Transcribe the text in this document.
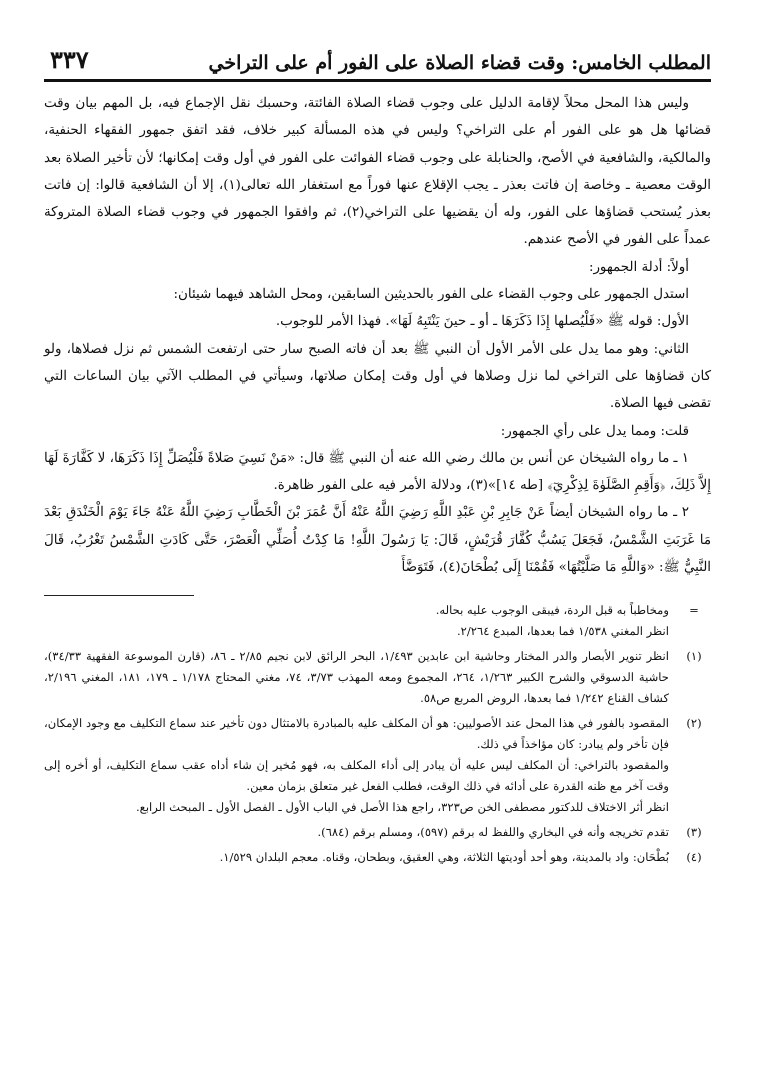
المطلب الخامس: وقت قضاء الصلاة على الفور أم على التراخي
٣٣٧

وليس هذا المحل محلاً لإقامة الدليل على وجوب قضاء الصلاة الفائتة، وحسبك نقل الإجماع فيه، بل المهم بيان وقت قضائها هل هو على الفور أم على التراخي؟ وليس في هذه المسألة كبير خلاف، فقد اتفق جمهور الفقهاء الحنفية، والمالكية، والشافعية في الأصح، والحنابلة على وجوب قضاء الفوائت على الفور في أول وقت إمكانها؛ لأن تأخير الصلاة بعد الوقت معصية ـ وخاصة إن فاتت بعذر ـ يجب الإقلاع عنها فوراً مع استغفار الله تعالى(١)، إلا أن الشافعية قالوا: إن فاتت بعذر يُستحب قضاؤها على الفور، وله أن يقضيها على التراخي(٢)، ثم وافقوا الجمهور في وجوب قضاء الصلاة المتروكة عمداً على الفور في الأصح عندهم.

أولاً: أدلة الجمهور:

استدل الجمهور على وجوب القضاء على الفور بالحديثين السابقين، ومحل الشاهد فيهما شيئان:

الأول: قوله ﷺ «فَلْيُصلها إِذَا ذَكَرَهَا ـ أو ـ حينَ يَنْتَبِهُ لَهَا». فهذا الأمر للوجوب.

الثاني: وهو مما يدل على الأمر الأول أن النبي ﷺ بعد أن فاته الصبح سار حتى ارتفعت الشمس ثم نزل فصلاها، ولو كان قضاؤها على التراخي لما نزل وصلاها في أول وقت إمكان صلاتها، وسيأتي في المطلب الآتي بيان الساعات التي تقضى فيها الصلاة.

قلت: ومما يدل على رأي الجمهور:

١ ـ ما رواه الشيخان عن أنس بن مالك رضي الله عنه أن النبي ﷺ قال: «مَنْ نَسِيَ صَلاةً فَلْيُصَلِّ إِذَا ذَكَرَهَا، لا كَفَّارَةَ لَهَا إِلاَّ ذَلِكَ، ﴿وَأَقِمِ الصَّلَوٰةَ لِذِكْرِيٓ﴾ [طه ١٤]»(٣)، ودلالة الأمر فيه على الفور ظاهرة.

٢ ـ ما رواه الشيخان أيضاً عَنْ جَابِرِ بْنِ عَبْدِ اللَّهِ رَضِيَ اللَّهُ عَنْهُ أَنَّ عُمَرَ بْنَ الْخَطَّابِ رَضِيَ اللَّهُ عَنْهُ جَاءَ يَوْمَ الْخَنْدَقِ بَعْدَ مَا غَرَبَتِ الشَّمْسُ، فَجَعَلَ يَسُبُّ كُفَّارَ قُرَيْشٍ، قَالَ: يَا رَسُولَ اللَّهِ! مَا كِدْتُ أُصَلِّي الْعَصْرَ، حَتَّى كَادَتِ الشَّمْسُ تَغْرُبُ، قَالَ النَّبِيُّ ﷺ: «وَاللَّهِ مَا صَلَّيْتُهَا» فَقُمْنَا إِلَى بُطْحَانَ(٤)، فَتَوَضَّأَ

=
ومخاطباً به قبل الردة، فيبقى الوجوب عليه بحاله.
انظر المغني ١/٥٣٨ فما بعدها، المبدع ٢/٢٦٤.
(١)
انظر تنوير الأبصار والدر المختار وحاشية ابن عابدين ١/٤٩٣، البحر الرائق لابن نجيم ٢/٨٥ ـ ٨٦، (قارن الموسوعة الفقهية ٣٤/٣٣)، حاشية الدسوقي والشرح الكبير ١/٢٦٣، ٢٦٤، المجموع ومعه المهذب ٣/٧٣، ٧٤، مغني المحتاج ١/١٧٨ ـ ١٧٩، ١٨١، المغني ٢/١٩٦، كشاف القناع ١/٢٤٢ فما بعدها، الروض المربع ص٥٨.
(٢)
المقصود بالفور في هذا المحل عند الأصوليين: هو أن المكلف عليه بالمبادرة بالامتثال دون تأخير عند سماع التكليف مع وجود الإمكان، فإن تأخر ولم يبادر: كان مؤاخذاً في ذلك.
والمقصود بالتراخي: أن المكلف ليس عليه أن يبادر إلى أداء المكلف به، فهو مُخير إن شاء أداه عقب سماع التكليف، أو أخره إلى وقت آخر مع ظنه القدرة على أدائه في ذلك الوقت، فطلب الفعل غير متعلق بزمان معين.
انظر أثر الاختلاف للدكتور مصطفى الخن ص٣٢٣، راجع هذا الأصل في الباب الأول ـ الفصل الأول ـ المبحث الرابع.
(٣)
تقدم تخريجه وأنه في البخاري واللفظ له برقم (٥٩٧)، ومسلم برقم (٦٨٤).
(٤)
بُطْحَان: واد بالمدينة، وهو أحد أوديتها الثلاثة، وهي العقيق، وبطحان، وقناه. معجم البلدان ١/٥٢٩.
